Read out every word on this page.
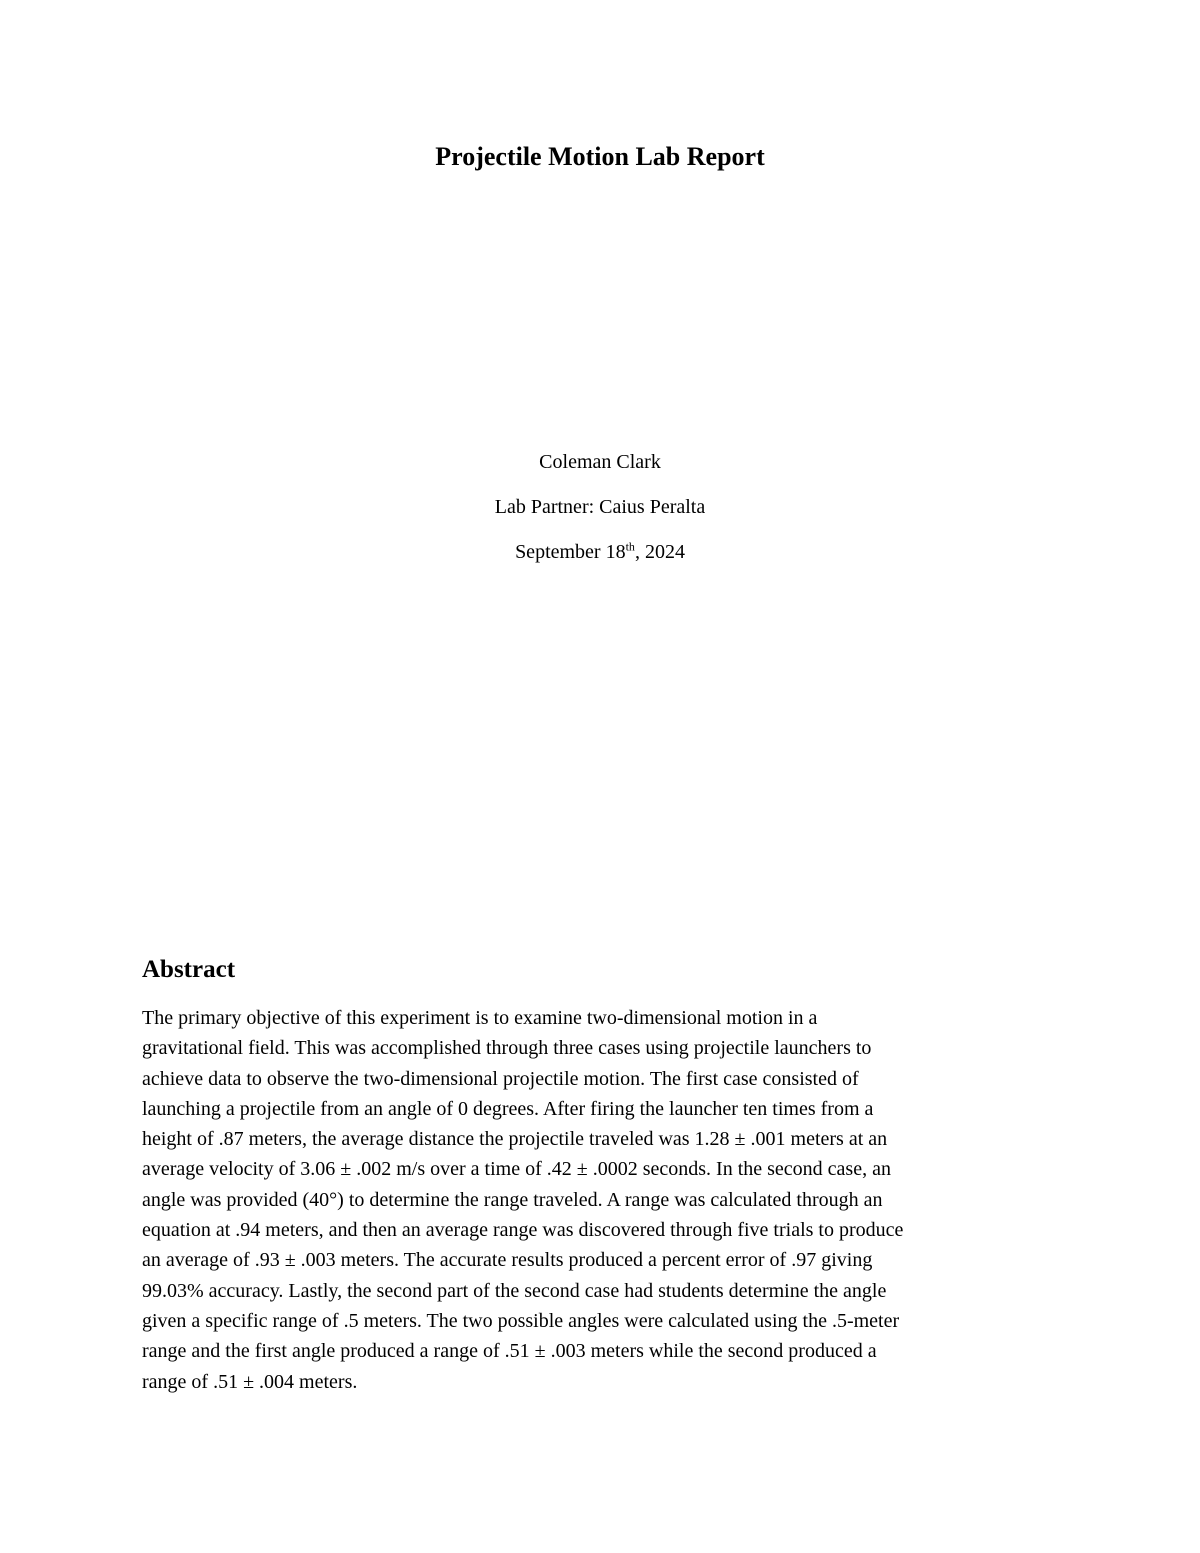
Projectile Motion Lab Report

Coleman Clark

Lab Partner: Caius Peralta

September 18th, 2024

Abstract
The primary objective of this experiment is to examine two-dimensional motion in a
gravitational field. This was accomplished through three cases using projectile launchers to
achieve data to observe the two-dimensional projectile motion. The first case consisted of
launching a projectile from an angle of 0 degrees. After firing the launcher ten times from a
height of .87 meters, the average distance the projectile traveled was 1.28 ± .001 meters at an
average velocity of 3.06 ± .002 m/s over a time of .42 ± .0002 seconds. In the second case, an
angle was provided (40°) to determine the range traveled. A range was calculated through an
equation at .94 meters, and then an average range was discovered through five trials to produce
an average of .93 ± .003 meters. The accurate results produced a percent error of .97 giving
99.03% accuracy. Lastly, the second part of the second case had students determine the angle
given a specific range of .5 meters. The two possible angles were calculated using the .5-meter
range and the first angle produced a range of .51 ± .003 meters while the second produced a
range of .51 ± .004 meters.
